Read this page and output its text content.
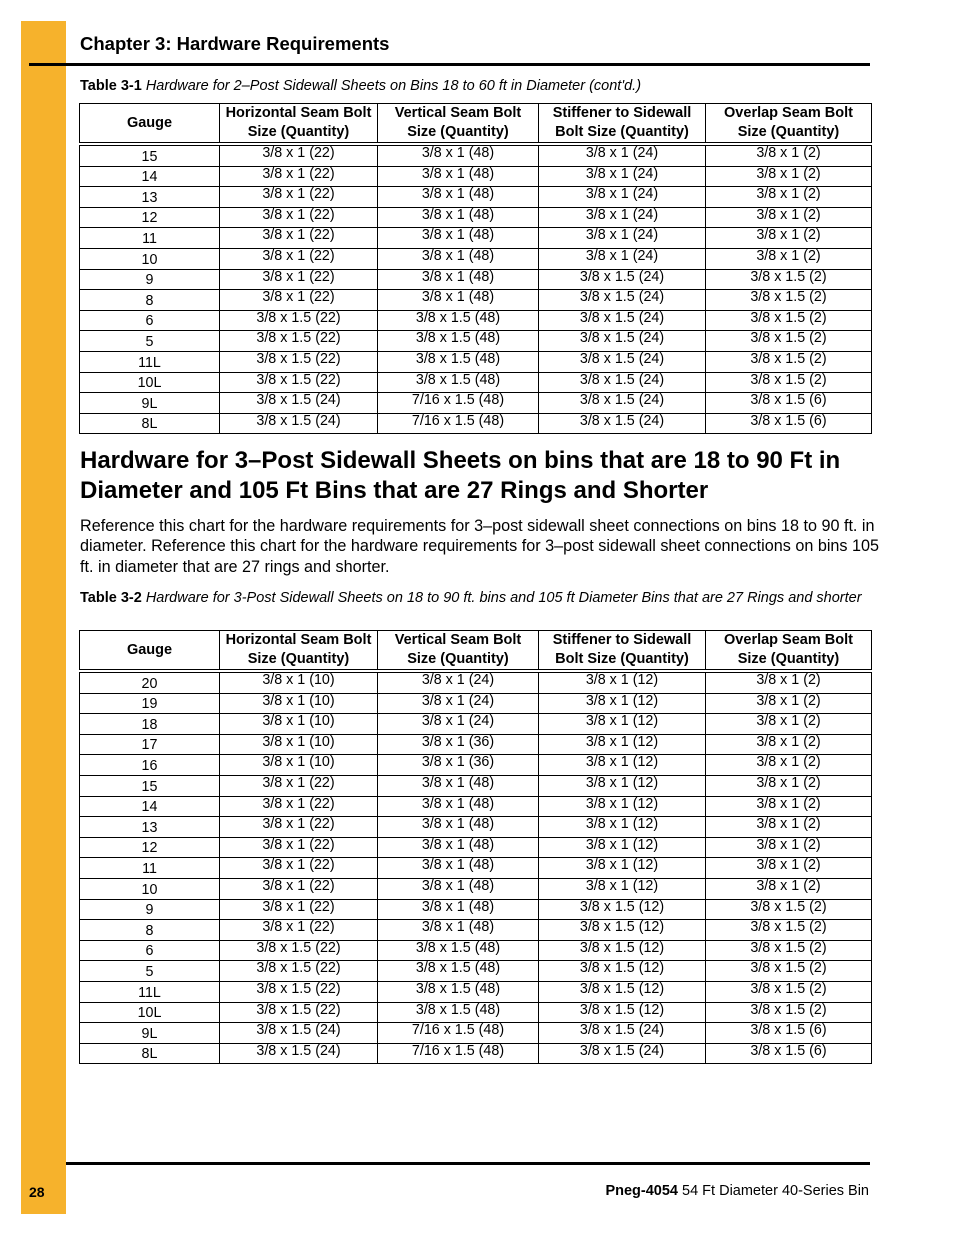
Chapter 3: Hardware Requirements
Table 3-1 Hardware for 2–Post Sidewall Sheets on Bins 18 to 60 ft in Diameter (cont'd.)
Gauge	Horizontal Seam Bolt Size (Quantity)	Vertical Seam Bolt Size (Quantity)	Stiffener to Sidewall Bolt Size (Quantity)	Overlap Seam Bolt Size (Quantity)
15	3/8 x 1 (22)	3/8 x 1 (48)	3/8 x 1 (24)	3/8 x 1 (2)
14	3/8 x 1 (22)	3/8 x 1 (48)	3/8 x 1 (24)	3/8 x 1 (2)
13	3/8 x 1 (22)	3/8 x 1 (48)	3/8 x 1 (24)	3/8 x 1 (2)
12	3/8 x 1 (22)	3/8 x 1 (48)	3/8 x 1 (24)	3/8 x 1 (2)
11	3/8 x 1 (22)	3/8 x 1 (48)	3/8 x 1 (24)	3/8 x 1 (2)
10	3/8 x 1 (22)	3/8 x 1 (48)	3/8 x 1 (24)	3/8 x 1 (2)
9	3/8 x 1 (22)	3/8 x 1 (48)	3/8 x 1.5 (24)	3/8 x 1.5 (2)
8	3/8 x 1 (22)	3/8 x 1 (48)	3/8 x 1.5 (24)	3/8 x 1.5 (2)
6	3/8 x 1.5 (22)	3/8 x 1.5 (48)	3/8 x 1.5 (24)	3/8 x 1.5 (2)
5	3/8 x 1.5 (22)	3/8 x 1.5 (48)	3/8 x 1.5 (24)	3/8 x 1.5 (2)
11L	3/8 x 1.5 (22)	3/8 x 1.5 (48)	3/8 x 1.5 (24)	3/8 x 1.5 (2)
10L	3/8 x 1.5 (22)	3/8 x 1.5 (48)	3/8 x 1.5 (24)	3/8 x 1.5 (2)
9L	3/8 x 1.5 (24)	7/16 x 1.5 (48)	3/8 x 1.5 (24)	3/8 x 1.5 (6)
8L	3/8 x 1.5 (24)	7/16 x 1.5 (48)	3/8 x 1.5 (24)	3/8 x 1.5 (6)
Hardware for 3–Post Sidewall Sheets on bins that are 18 to 90 Ft in Diameter and 105 Ft Bins that are 27 Rings and Shorter
Reference this chart for the hardware requirements for 3–post sidewall sheet connections on bins 18 to 90 ft. in diameter. Reference this chart for the hardware requirements for 3–post sidewall sheet connections on bins 105 ft. in diameter that are 27 rings and shorter.
Table 3-2 Hardware for 3-Post Sidewall Sheets on 18 to 90 ft. bins and 105 ft Diameter Bins that are 27 Rings and shorter
Gauge	Horizontal Seam Bolt Size (Quantity)	Vertical Seam Bolt Size (Quantity)	Stiffener to Sidewall Bolt Size (Quantity)	Overlap Seam Bolt Size (Quantity)
20	3/8 x 1 (10)	3/8 x 1 (24)	3/8 x 1 (12)	3/8 x 1 (2)
19	3/8 x 1 (10)	3/8 x 1 (24)	3/8 x 1 (12)	3/8 x 1 (2)
18	3/8 x 1 (10)	3/8 x 1 (24)	3/8 x 1 (12)	3/8 x 1 (2)
17	3/8 x 1 (10)	3/8 x 1 (36)	3/8 x 1 (12)	3/8 x 1 (2)
16	3/8 x 1 (10)	3/8 x 1 (36)	3/8 x 1 (12)	3/8 x 1 (2)
15	3/8 x 1 (22)	3/8 x 1 (48)	3/8 x 1 (12)	3/8 x 1 (2)
14	3/8 x 1 (22)	3/8 x 1 (48)	3/8 x 1 (12)	3/8 x 1 (2)
13	3/8 x 1 (22)	3/8 x 1 (48)	3/8 x 1 (12)	3/8 x 1 (2)
12	3/8 x 1 (22)	3/8 x 1 (48)	3/8 x 1 (12)	3/8 x 1 (2)
11	3/8 x 1 (22)	3/8 x 1 (48)	3/8 x 1 (12)	3/8 x 1 (2)
10	3/8 x 1 (22)	3/8 x 1 (48)	3/8 x 1 (12)	3/8 x 1 (2)
9	3/8 x 1 (22)	3/8 x 1 (48)	3/8 x 1.5 (12)	3/8 x 1.5 (2)
8	3/8 x 1 (22)	3/8 x 1 (48)	3/8 x 1.5 (12)	3/8 x 1.5 (2)
6	3/8 x 1.5 (22)	3/8 x 1.5 (48)	3/8 x 1.5 (12)	3/8 x 1.5 (2)
5	3/8 x 1.5 (22)	3/8 x 1.5 (48)	3/8 x 1.5 (12)	3/8 x 1.5 (2)
11L	3/8 x 1.5 (22)	3/8 x 1.5 (48)	3/8 x 1.5 (12)	3/8 x 1.5 (2)
10L	3/8 x 1.5 (22)	3/8 x 1.5 (48)	3/8 x 1.5 (12)	3/8 x 1.5 (2)
9L	3/8 x 1.5 (24)	7/16 x 1.5 (48)	3/8 x 1.5 (24)	3/8 x 1.5 (6)
8L	3/8 x 1.5 (24)	7/16 x 1.5 (48)	3/8 x 1.5 (24)	3/8 x 1.5 (6)
28	Pneg-4054 54 Ft Diameter 40-Series Bin
